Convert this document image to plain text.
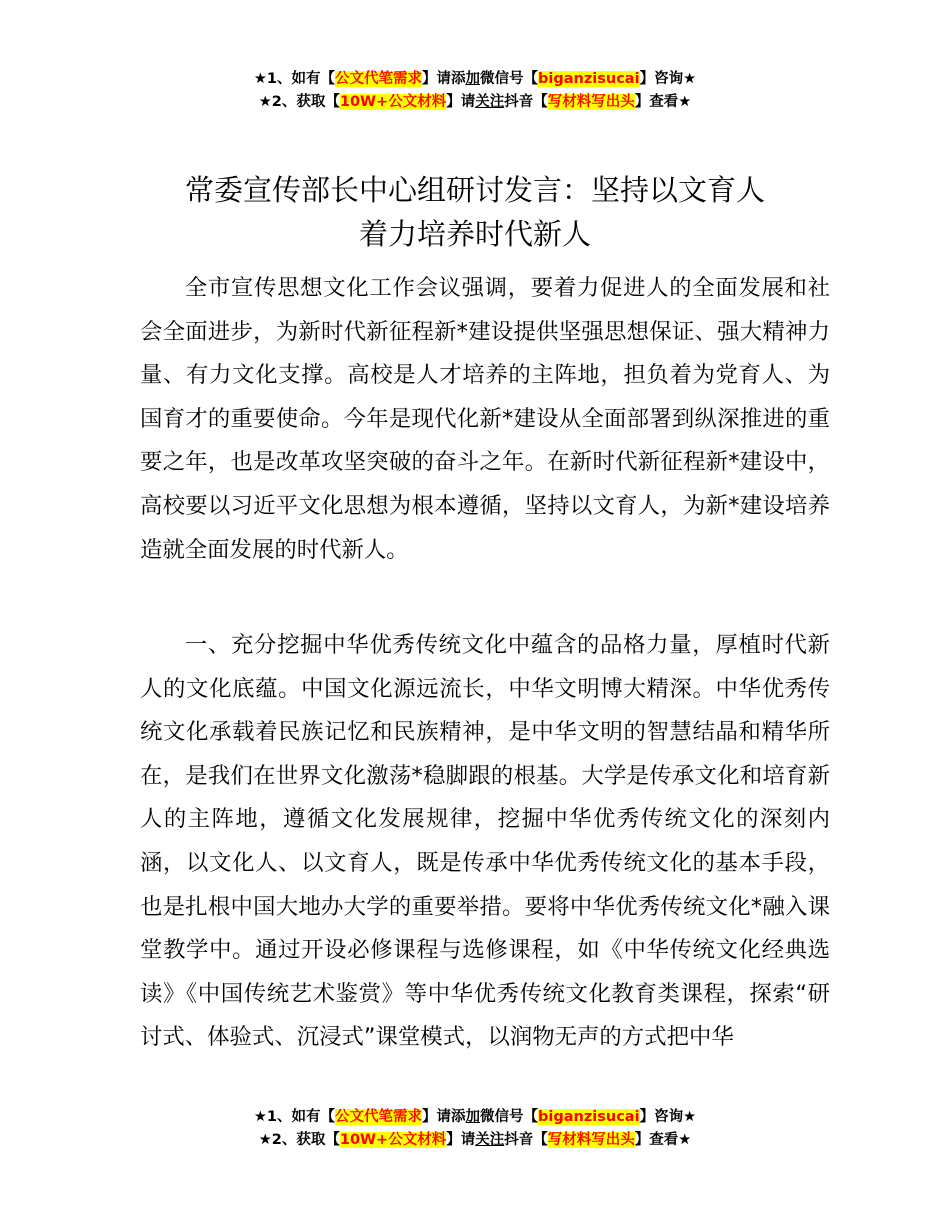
★1、如有【公文代笔需求】请添加微信号【biganzisucai】咨询★
★2、获取【10W+公文材料】请关注抖音【写材料写出头】查看★
常委宣传部长中心组研讨发言：坚持以文育人
着力培养时代新人

全市宣传思想文化工作会议强调，要着力促进人的全面发展和社会全面进步，为新时代新征程新*建设提供坚强思想保证、强大精神力量、有力文化支撑。高校是人才培养的主阵地，担负着为党育人、为国育才的重要使命。今年是现代化新*建设从全面部署到纵深推进的重要之年，也是改革攻坚突破的奋斗之年。在新时代新征程新*建设中，高校要以习近平文化思想为根本遵循，坚持以文育人，为新*建设培养造就全面发展的时代新人。

一、充分挖掘中华优秀传统文化中蕴含的品格力量，厚植时代新人的文化底蕴。中国文化源远流长，中华文明博大精深。中华优秀传统文化承载着民族记忆和民族精神，是中华文明的智慧结晶和精华所在，是我们在世界文化激荡*稳脚跟的根基。大学是传承文化和培育新人的主阵地，遵循文化发展规律，挖掘中华优秀传统文化的深刻内涵，以文化人、以文育人，既是传承中华优秀传统文化的基本手段，也是扎根中国大地办大学的重要举措。要将中华优秀传统文化*融入课堂教学中。通过开设必修课程与选修课程，如《中华传统文化经典选读》《中国传统艺术鉴赏》等中华优秀传统文化教育类课程，探索“研讨式、体验式、沉浸式”课堂模式，以润物无声的方式把中华

★1、如有【公文代笔需求】请添加微信号【biganzisucai】咨询★
★2、获取【10W+公文材料】请关注抖音【写材料写出头】查看★
